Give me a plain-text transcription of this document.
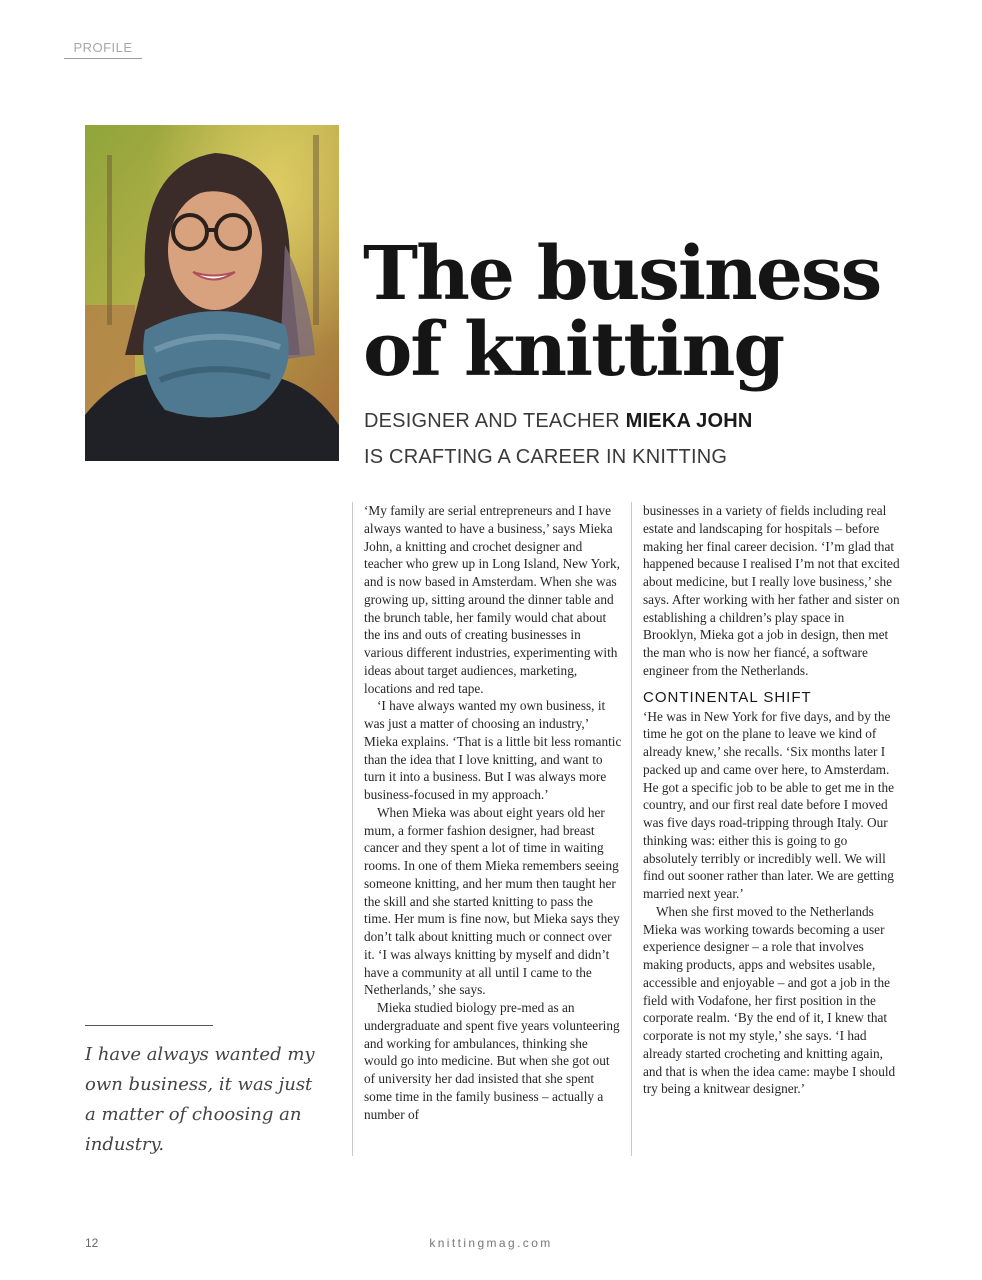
PROFILE
The business
of knitting
DESIGNER AND TEACHER MIEKA JOHN
IS CRAFTING A CAREER IN KNITTING

‘My family are serial entrepreneurs and I have always wanted to have a business,’ says Mieka John, a knitting and crochet designer and teacher who grew up in Long Island, New York, and is now based in Amsterdam. When she was growing up, sitting around the dinner table and the brunch table, her family would chat about the ins and outs of creating businesses in various different industries, experimenting with ideas about target audiences, marketing, locations and red tape.

‘I have always wanted my own business, it was just a matter of choosing an industry,’ Mieka explains. ‘That is a little bit less romantic than the idea that I love knitting, and want to turn it into a business. But I was always more business-focused in my approach.’

When Mieka was about eight years old her mum, a former fashion designer, had breast cancer and they spent a lot of time in waiting rooms. In one of them Mieka remembers seeing someone knitting, and her mum then taught her the skill and she started knitting to pass the time. Her mum is fine now, but Mieka says they don’t talk about knitting much or connect over it. ‘I was always knitting by myself and didn’t have a community at all until I came to the Netherlands,’ she says.

Mieka studied biology pre-med as an undergraduate and spent five years volunteering and working for ambulances, thinking she would go into medicine. But when she got out of university her dad insisted that she spent some time in the family business – actually a number of

businesses in a variety of fields including real estate and landscaping for hospitals – before making her final career decision. ‘I’m glad that happened because I realised I’m not that excited about medicine, but I really love business,’ she says. After working with her father and sister on establishing a children’s play space in Brooklyn, Mieka got a job in design, then met the man who is now her fiancé, a software engineer from the Netherlands.

CONTINENTAL SHIFT

‘He was in New York for five days, and by the time he got on the plane to leave we kind of already knew,’ she recalls. ‘Six months later I packed up and came over here, to Amsterdam. He got a specific job to be able to get me in the country, and our first real date before I moved was five days road-tripping through Italy. Our thinking was: either this is going to go absolutely terribly or incredibly well. We will find out sooner rather than later. We are getting married next year.’

When she first moved to the Netherlands Mieka was working towards becoming a user experience designer – a role that involves making products, apps and websites usable, accessible and enjoyable – and got a job in the field with Vodafone, her first position in the corporate realm. ‘By the end of it, I knew that corporate is not my style,’ she says. ‘I had already started crocheting and knitting again, and that is when the idea came: maybe I should try being a knitwear designer.’

I have always wanted my own business, it was just a matter of choosing an industry.

12	knittingmag.com
